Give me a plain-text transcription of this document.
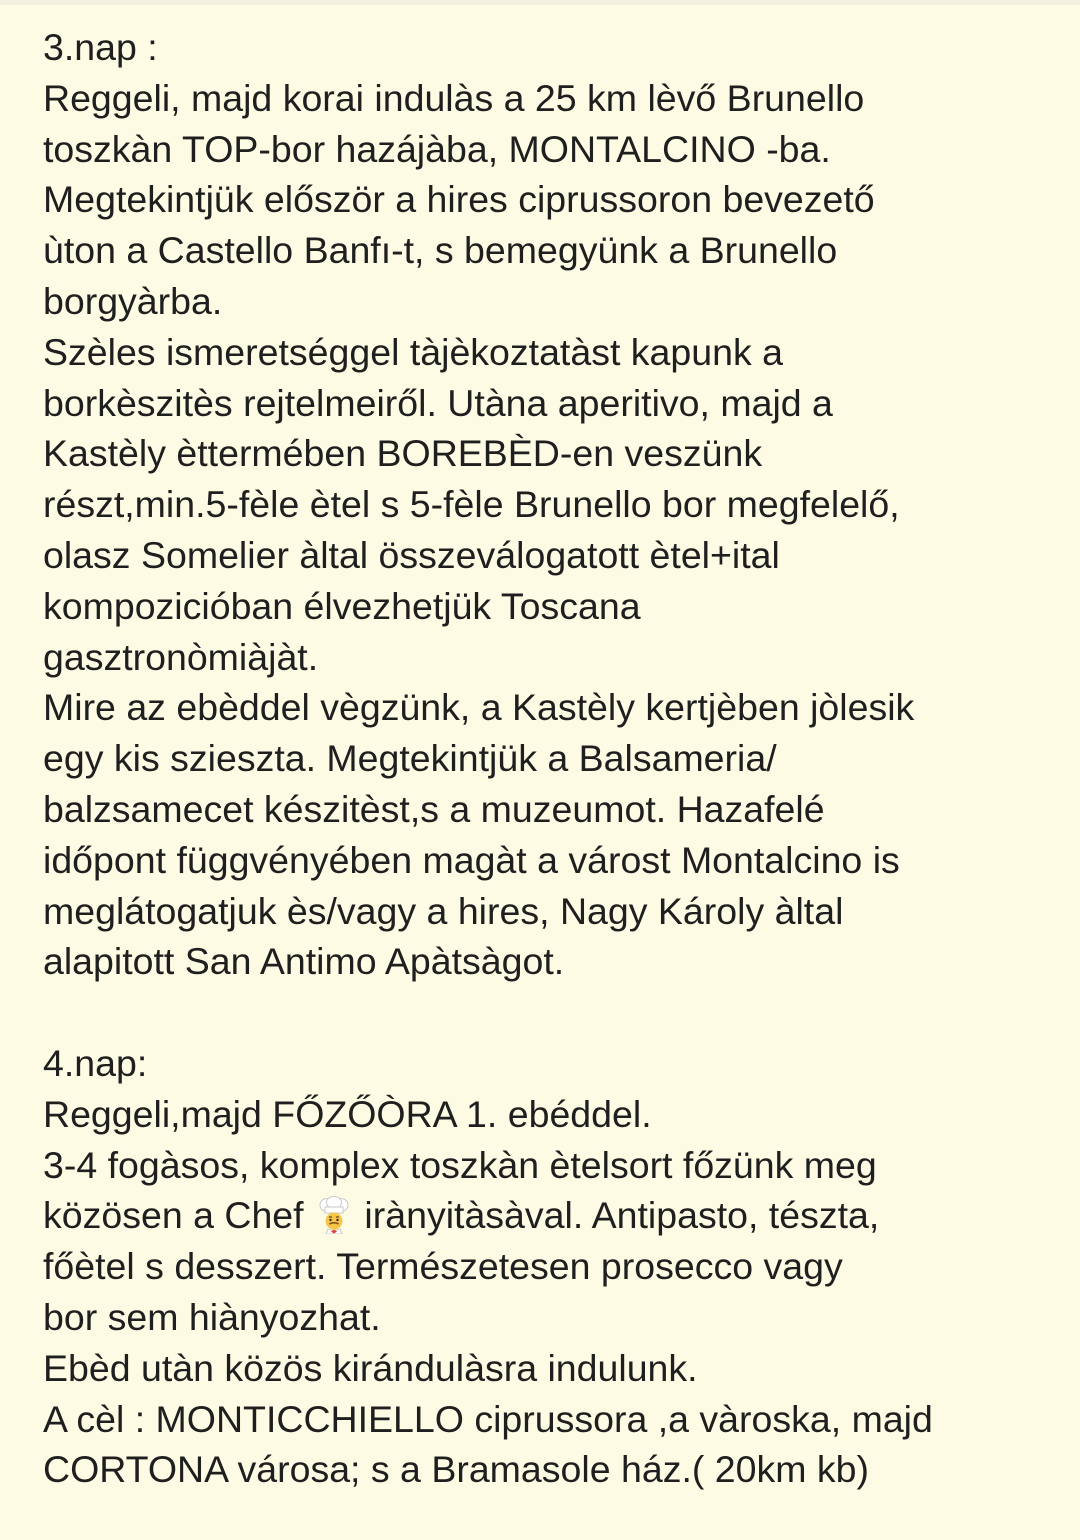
3.nap :
Reggeli, majd korai indulàs a 25 km lèvő Brunello
toszkàn TOP-bor hazájàba, MONTALCINO -ba.
Megtekintjük először a hires ciprussoron bevezető
ùton a Castello Banfı-t, s bemegyünk a Brunello
borgyàrba.
Szèles ismeretséggel tàjèkoztatàst kapunk a
borkèszitès rejtelmeiről. Utàna aperitivo, majd a
Kastèly èttermében BOREBÈD-en veszünk
részt,min.5-fèle ètel s 5-fèle Brunello bor megfelelő,
olasz Somelier àltal összeválogatott ètel+ital
kompozicióban élvezhetjük Toscana
gasztronòmiàjàt.
Mire az ebèddel vègzünk, a Kastèly kertjèben jòlesik
egy kis sziesztа. Megtekintjük a Balsameria/
balzsamecet készitèst,s a muzeumot. Hazafelé
időpont függvényében magàt a várost Montalcino is
meglátogatjuk ès/vagy a hires, Nagy Károly àltal
alapitott San Antimo Apàtsàgot.
4.nap:
Reggeli,majd FŐZŐÒRA 1. ebéddel.
3-4 fogàsos, komplex toszkàn ètelsort főzünk meg
közösen a Chef  irànyitàsàval. Antipasto, tészta,
főètel s desszert. Természetesen prosecco vagy
bor sem hiànyozhat.
Ebèd utàn közös kirándulàsra indulunk.
A cèl : MONTICCHIELLO ciprussora ,a vàroska, majd
CORTONA városa; s a Bramasole ház.( 20km kb)
